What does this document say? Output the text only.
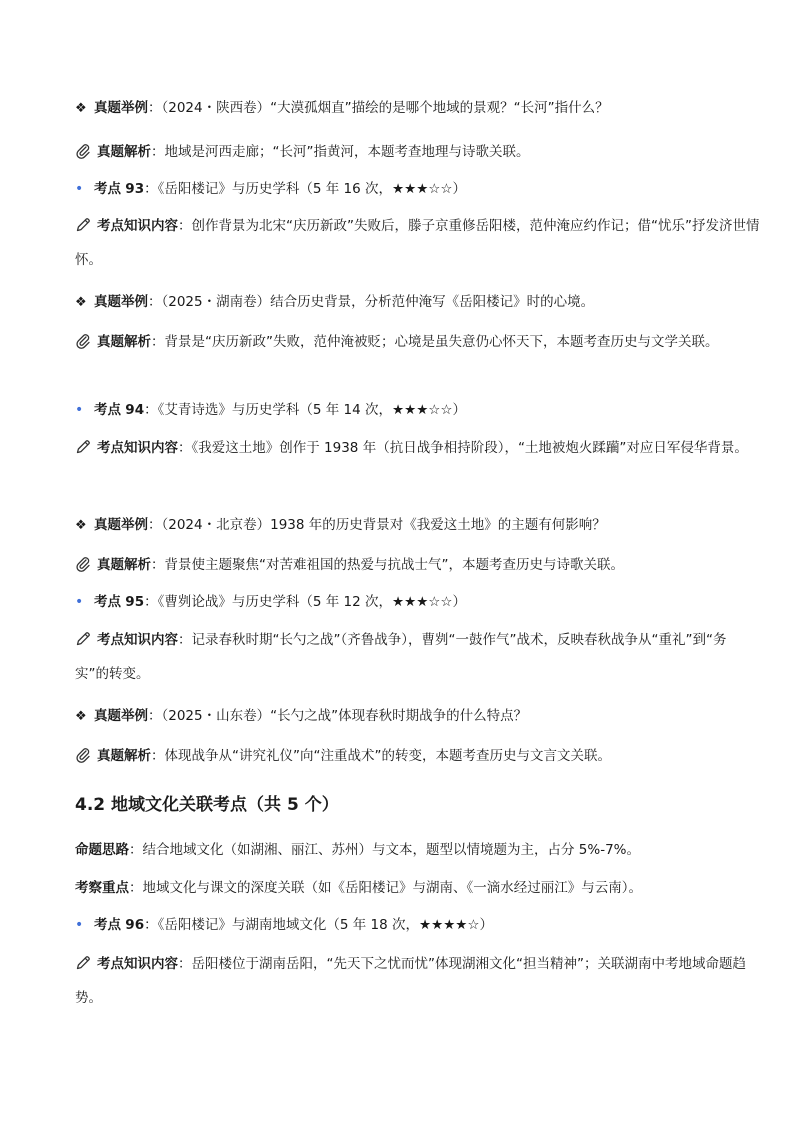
❖ 真题举例：（2024・陕西卷）“大漠孤烟直”描绘的是哪个地域的景观？“长河”指什么？
真题解析：地域是河西走廊；“长河”指黄河，本题考查地理与诗歌关联。
• 考点 93：《岳阳楼记》与历史学科（5 年 16 次，★★★☆☆）
考点知识内容：创作背景为北宋“庆历新政”失败后，滕子京重修岳阳楼，范仲淹应约作记；借“忧乐”抒发济世情怀。
❖ 真题举例：（2025・湖南卷）结合历史背景，分析范仲淹写《岳阳楼记》时的心境。
真题解析：背景是“庆历新政”失败，范仲淹被贬；心境是虽失意仍心怀天下，本题考查历史与文学关联。
• 考点 94：《艾青诗选》与历史学科（5 年 14 次，★★★☆☆）
考点知识内容：《我爱这土地》创作于 1938 年（抗日战争相持阶段），“土地被炮火蹂躏”对应日军侵华背景。
❖ 真题举例：（2024・北京卷）1938 年的历史背景对《我爱这土地》的主题有何影响？
真题解析：背景使主题聚焦“对苦难祖国的热爱与抗战士气”，本题考查历史与诗歌关联。
• 考点 95：《曹刿论战》与历史学科（5 年 12 次，★★★☆☆）
考点知识内容：记录春秋时期“长勺之战”（齐鲁战争），曹刿“一鼓作气”战术，反映春秋战争从“重礼”到“务实”的转变。
❖ 真题举例：（2025・山东卷）“长勺之战”体现春秋时期战争的什么特点？
真题解析：体现战争从“讲究礼仪”向“注重战术”的转变，本题考查历史与文言文关联。
4.2 地域文化关联考点（共 5 个）
命题思路：结合地域文化（如湖湘、丽江、苏州）与文本，题型以情境题为主，占分 5%-7%。
考察重点：地域文化与课文的深度关联（如《岳阳楼记》与湖南、《一滴水经过丽江》与云南）。
• 考点 96：《岳阳楼记》与湖南地域文化（5 年 18 次，★★★★☆）
考点知识内容：岳阳楼位于湖南岳阳，“先天下之忧而忧”体现湖湘文化“担当精神”；关联湖南中考地域命题趋势。
